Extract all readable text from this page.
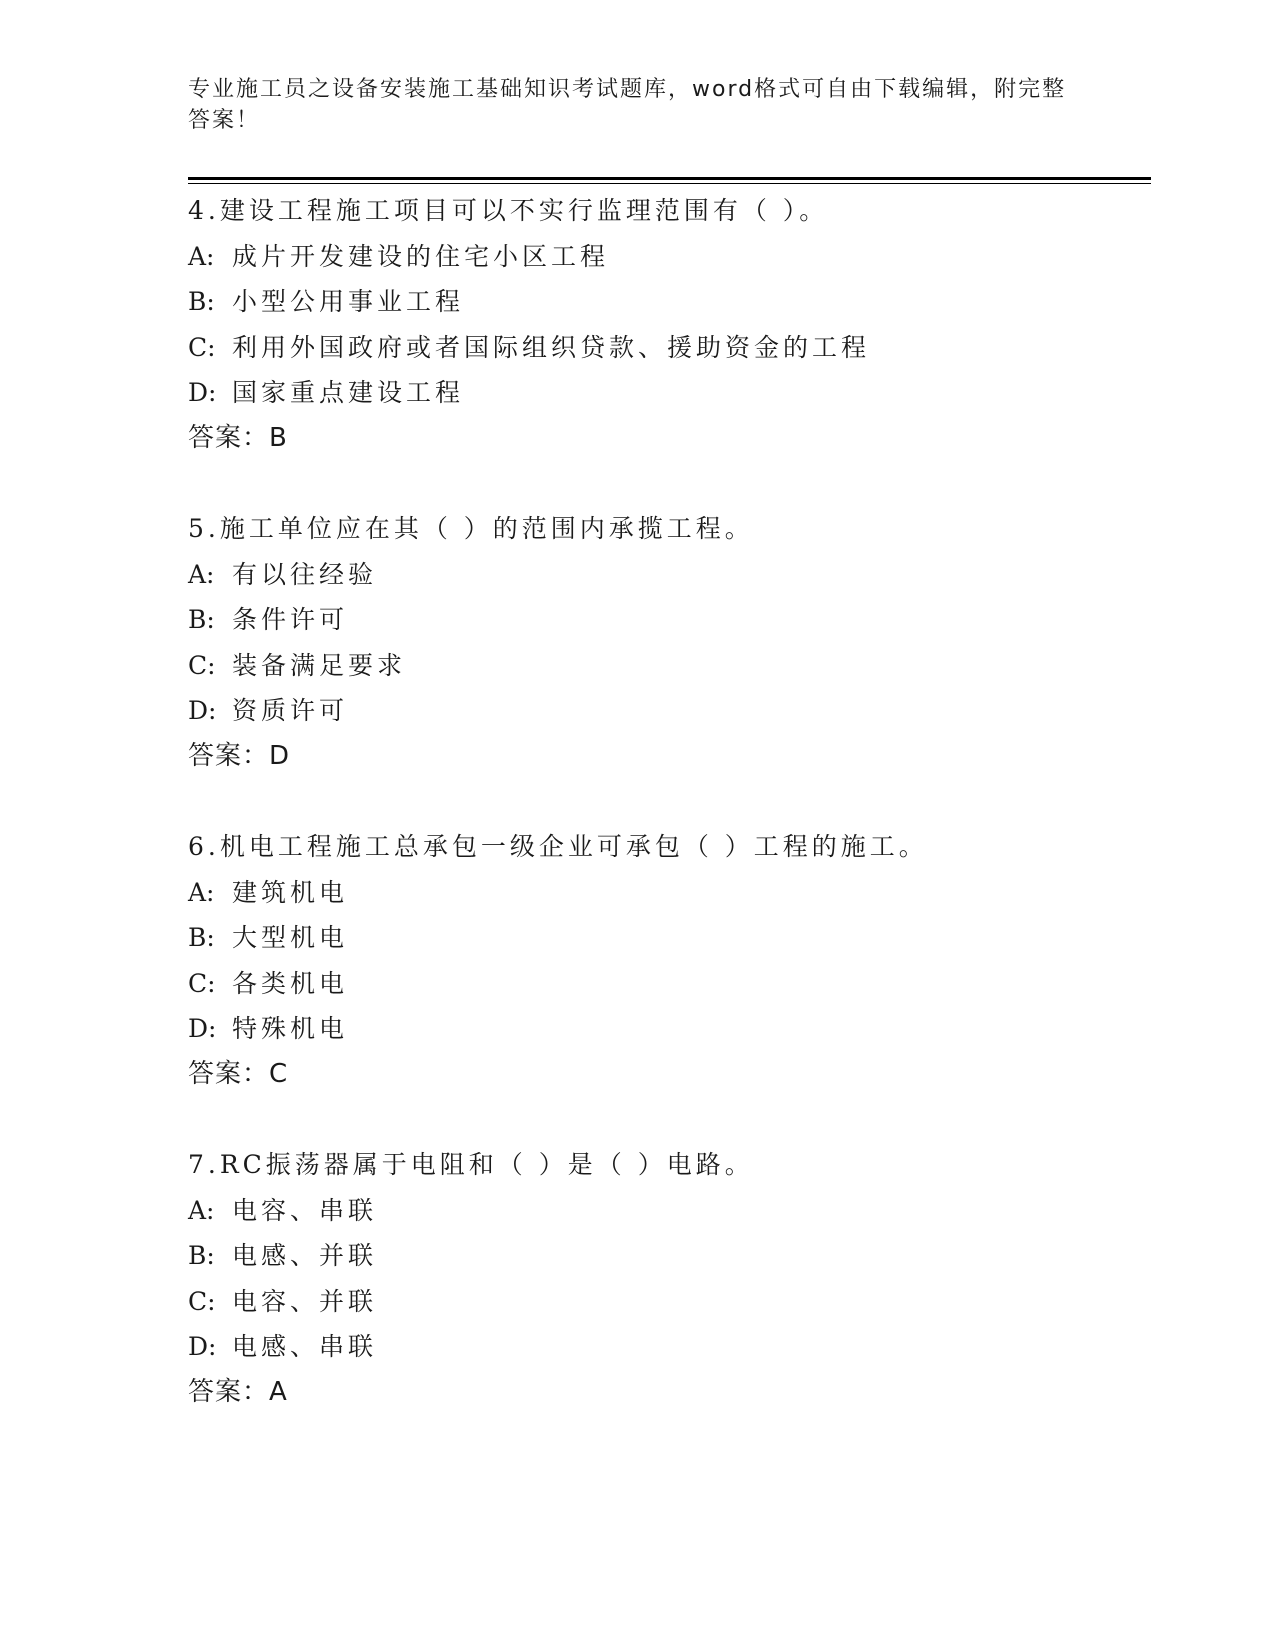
专业施工员之设备安装施工基础知识考试题库，word格式可自由下载编辑，附完整答案！
4.建设工程施工项目可以不实行监理范围有（ ）。
A: 成片开发建设的住宅小区工程
B: 小型公用事业工程
C: 利用外国政府或者国际组织贷款、援助资金的工程
D: 国家重点建设工程
答案：B
5.施工单位应在其（ ）的范围内承揽工程。
A: 有以往经验
B: 条件许可
C: 装备满足要求
D: 资质许可
答案：D
6.机电工程施工总承包一级企业可承包（ ）工程的施工。
A: 建筑机电
B: 大型机电
C: 各类机电
D: 特殊机电
答案：C
7.RC振荡器属于电阻和（ ）是（ ）电路。
A: 电容、串联
B: 电感、并联
C: 电容、并联
D: 电感、串联
答案：A
